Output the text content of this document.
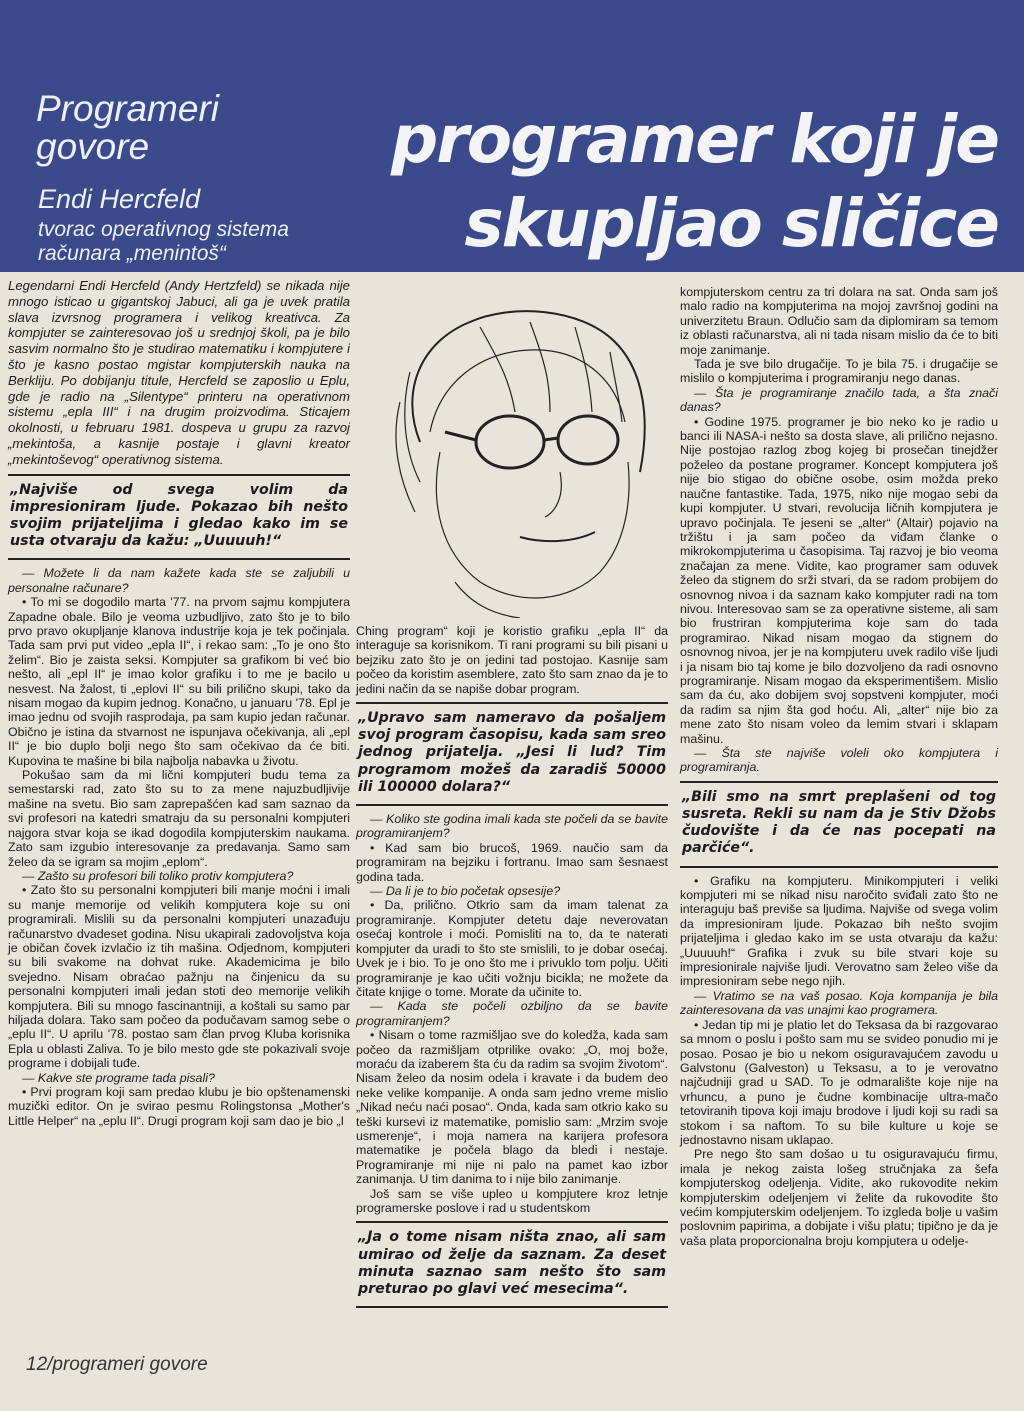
Programeri govore
Endi Hercfeld
tvorac operativnog sistema računara „menintoš“
programer koji je skupljao sličice

Legendarni Endi Hercfeld (Andy Hertzfeld) se nikada nije mnogo isticao u gigantskoj Jabuci, ali ga je uvek pratila slava izvrsnog programera i velikog kreativca. Za kompjuter se zainteresovao još u srednjoj školi, pa je bilo sasvim normalno što je studirao matematiku i kompjutere i što je kasno postao mgistar kompjuterskih nauka na Berkliju. Po dobijanju titule, Hercfeld se zaposlio u Eplu, gde je radio na „Silentype“ printeru na operativnom sistemu „epla III“ i na drugim proizvodima. Sticajem okolnosti, u februaru 1981. dospeva u grupu za razvoj „mekintoša, a kasnije postaje i glavni kreator „mekintoševog“ operativnog sistema.

„Najviše od svega volim da impresioniram ljude. Pokazao bih nešto svojim prijateljima i gledao kako im se usta otvaraju da kažu: „Uuuuuh!“

— Možete li da nam kažete kada ste se zaljubili u personalne računare?

• To mi se dogodilo marta '77. na prvom sajmu kompjutera Zapadne obale. Bilo je veoma uzbudljivo, zato što je to bilo prvo pravo okupljanje klanova industrije koja je tek počinjala. Tada sam prvi put video „epla II“, i rekao sam: „To je ono što želim“. Bio je zaista seksi. Kompjuter sa grafikom bi već bio nešto, ali „epl II“ je imao kolor grafiku i to me je bacilo u nesvest. Na žalost, ti „eplovi II“ su bili prilično skupi, tako da nisam mogao da kupim jednog. Konačno, u januaru '78. Epl je imao jednu od svojih rasprodaja, pa sam kupio jedan računar. Obično je istina da stvarnost ne ispunjava očekivanja, ali „epl II“ je bio duplo bolji nego što sam očekivao da će biti. Kupovina te mašine bi bila najbolja nabavka u životu.

Pokušao sam da mi lični kompjuteri budu tema za semestarski rad, zato što su to za mene najuzbudljivije mašine na svetu. Bio sam zaprepašćen kad sam saznao da svi profesori na katedri smatraju da su personalni kompjuteri najgora stvar koja se ikad dogodila kompjuterskim naukama. Zato sam izgubio interesovanje za predavanja. Samo sam želeo da se igram sa mojim „eplom“.

— Zašto su profesori bili toliko protiv kompjutera?

• Zato što su personalni kompjuteri bili manje moćni i imali su manje memorije od velikih kompjutera koje su oni programirali. Mislili su da personalni kompjuteri unazađuju računarstvo dvadeset godina. Nisu ukapirali zadovoljstva koja je običan čovek izvlačio iz tih mašina. Odjednom, kompjuteri su bili svakome na dohvat ruke. Akademicima je bilo svejedno. Nisam obraćao pažnju na činjenicu da su personalni kompjuteri imali jedan stoti deo memorije velikih kompjutera. Bili su mnogo fascinantniji, a koštali su samo par hiljada dolara. Tako sam počeo da podučavam samog sebe o „eplu II“. U aprilu '78. postao sam član prvog Kluba korisnika Epla u oblasti Zaliva. To je bilo mesto gde ste pokazivali svoje programe i dobijali tuđe.

— Kakve ste programe tada pisali?

• Prvi program koji sam predao klubu je bio opštenamenski muzički editor. On je svirao pesmu Rolingstonsa „Mother's Little Helper“ na „eplu II“. Drugi program koji sam dao je bio „I

Ching program“ koji je koristio grafiku „epla II“ da interaguje sa korisnikom. Ti rani programi su bili pisani u bejziku zato što je on jedini tad postojao. Kasnije sam počeo da koristim asemblere, zato što sam znao da je to jedini način da se napiše dobar program.

„Upravo sam nameravo da pošaljem svoj program časopisu, kada sam sreo jednog prijatelja. „Jesi li lud? Tim programom možeš da zaradiš 50000 ili 100000 dolara?“

— Koliko ste godina imali kada ste počeli da se bavite programiranjem?

• Kad sam bio brucoš, 1969. naučio sam da programiram na bejziku i fortranu. Imao sam šesnaest godina tada.

— Da li je to bio početak opsesije?

• Da, prilično. Otkrio sam da imam talenat za programiranje. Kompjuter detetu daje neverovatan osećaj kontrole i moći. Pomisliti na to, da te naterati kompjuter da uradi to što ste smislili, to je dobar osećaj. Uvek je i bio. To je ono što me i privuklo tom polju. Učiti programiranje je kao učiti vožnju bicikla; ne možete da čitate knjige o tome. Morate da učinite to.

— Kada ste počeli ozbiljno da se bavite programiranjem?

• Nisam o tome razmišljao sve do koledža, kada sam počeo da razmišljam otprilike ovako: „O, moj bože, moraću da izaberem šta ću da radim sa svojim životom“. Nisam želeo da nosim odela i kravate i da budem deo neke velike kompanije. A onda sam jedno vreme mislio „Nikad neću naći posao“. Onda, kada sam otkrio kako su teški kursevi iz matematike, pomislio sam: „Mrzim svoje usmerenje“, i moja namera na karijera profesora matematike je počela blago da bledi i nestaje. Programiranje mi nije ni palo na pamet kao izbor zanimanja. U tim danima to i nije bilo zanimanje.

Još sam se više upleo u kompjutere kroz letnje programerske poslove i rad u studentskom

„Ja o tome nisam ništa znao, ali sam umirao od želje da saznam. Za deset minuta saznao sam nešto što sam preturao po glavi već mesecima“.

kompjuterskom centru za tri dolara na sat. Onda sam još malo radio na kompjuterima na mojoj završnoj godini na univerzitetu Braun. Odlučio sam da diplomiram sa temom iz oblasti računarstva, ali ni tada nisam mislio da će to biti moje zanimanje.

Tada je sve bilo drugačije. To je bila 75. i drugačije se mislilo o kompjuterima i programiranju nego danas.

— Šta je programiranje značilo tada, a šta znači danas?

• Godine 1975. programer je bio neko ko je radio u banci ili NASA-i nešto sa dosta slave, ali prilično nejasno. Nije postojao razlog zbog kojeg bi prosečan tinejdžer poželeo da postane programer. Koncept kompjutera još nije bio stigao do obične osobe, osim možda preko naučne fantastike. Tada, 1975, niko nije mogao sebi da kupi kompjuter. U stvari, revolucija ličnih kompjutera je upravo počinjala. Te jeseni se „alter“ (Altair) pojavio na tržištu i ja sam počeo da viđam članke o mikrokompjuterima u časopisima. Taj razvoj je bio veoma značajan za mene. Vidite, kao programer sam oduvek želeo da stignem do srži stvari, da se radom probijem do osnovnog nivoa i da saznam kako kompjuter radi na tom nivou. Interesovao sam se za operativne sisteme, ali sam bio frustriran kompjuterima koje sam do tada programirao. Nikad nisam mogao da stignem do osnovnog nivoa, jer je na kompjuteru uvek radilo više ljudi i ja nisam bio taj kome je bilo dozvoljeno da radi osnovno programiranje. Nisam mogao da eksperimentišem. Mislio sam da ću, ako dobijem svoj sopstveni kompjuter, moći da radim sa njim šta god hoću. Ali, „alter“ nije bio za mene zato što nisam voleo da lemim stvari i sklapam mašinu.

— Šta ste najviše voleli oko kompjutera i programiranja.

„Bili smo na smrt preplašeni od tog susreta. Rekli su nam da je Stiv Džobs čudovište i da će nas pocepati na parčiće“.

• Grafiku na kompjuteru. Minikompjuteri i veliki kompjuteri mi se nikad nisu naročito sviđali zato što ne interaguju baš previše sa ljudima. Najviše od svega volim da impresioniram ljude. Pokazao bih nešto svojim prijateljima i gledao kako im se usta otvaraju da kažu: „Uuuuuh!“ Grafika i zvuk su bile stvari koje su impresionirale najviše ljudi. Verovatno sam želeo više da impresioniram sebe nego njih.

— Vratimo se na vaš posao. Koja kompanija je bila zainteresovana da vas unajmi kao programera.

• Jedan tip mi je platio let do Teksasa da bi razgovarao sa mnom o poslu i pošto sam mu se svideo ponudio mi je posao. Posao je bio u nekom osiguravajućem zavodu u Galvstonu (Galveston) u Teksasu, a to je verovatno najčudniji grad u SAD. To je odmaralište koje nije na vrhuncu, a puno je čudne kombinacije ultra-mačo tetoviranih tipova koji imaju brodove i ljudi koji su radi sa stokom i sa naftom. To su bile kulture u koje se jednostavno nisam uklapao.

Pre nego što sam došao u tu osiguravajuću firmu, imala je nekog zaista lošeg stručnjaka za šefa kompjuterskog odeljenja. Vidite, ako rukovodite nekim kompjuterskim odeljenjem vi želite da rukovodite što većim kompjuterskim odeljenjem. To izgleda bolje u vašim poslovnim papirima, a dobijate i višu platu; tipično je da je vaša plata proporcionalna broju kompjutera u odelje-

12/programeri govore
